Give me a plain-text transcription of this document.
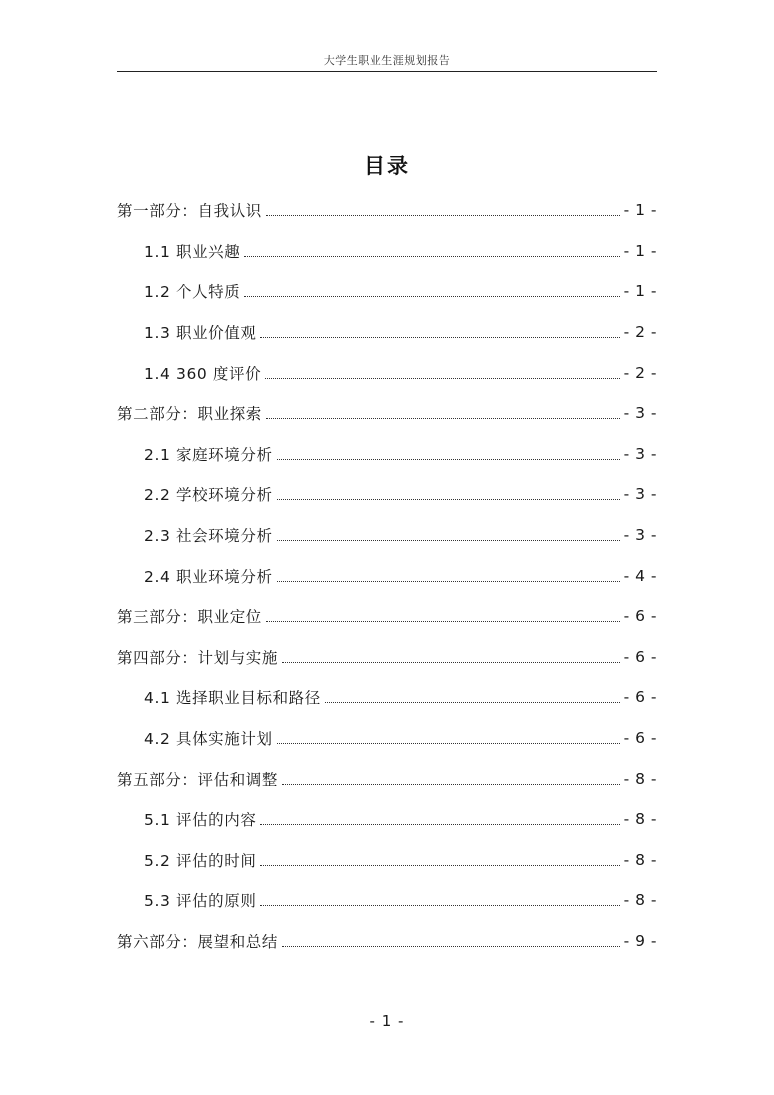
大学生职业生涯规划报告
目录
第一部分：自我认识	- 1 -
1.1 职业兴趣	- 1 -
1.2 个人特质	- 1 -
1.3 职业价值观	- 2 -
1.4 360 度评价	- 2 -
第二部分：职业探索	- 3 -
2.1 家庭环境分析	- 3 -
2.2 学校环境分析	- 3 -
2.3 社会环境分析	- 3 -
2.4 职业环境分析	- 4 -
第三部分：职业定位	- 6 -
第四部分：计划与实施	- 6 -
4.1 选择职业目标和路径	- 6 -
4.2 具体实施计划	- 6 -
第五部分：评估和调整	- 8 -
5.1 评估的内容	- 8 -
5.2 评估的时间	- 8 -
5.3 评估的原则	- 8 -
第六部分：展望和总结	- 9 -
- 1 -
